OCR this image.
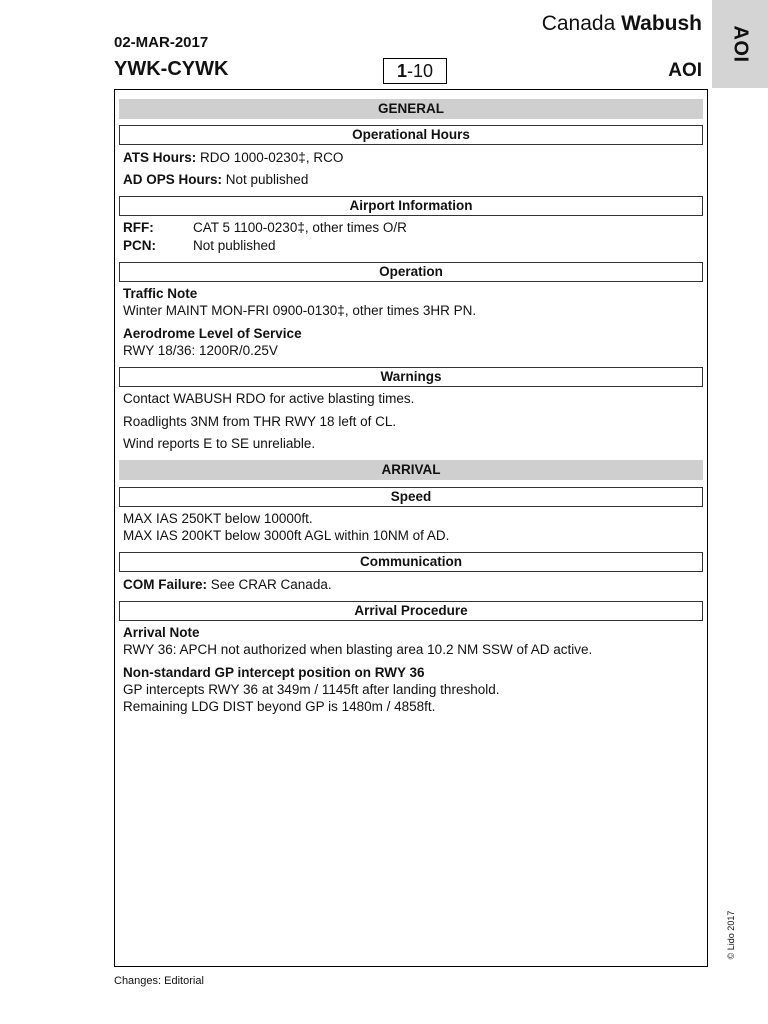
AOI
Canada Wabush
02-MAR-2017
YWK-CYWK	1-10	AOI
GENERAL
Operational Hours
ATS Hours: RDO 1000-0230‡, RCO
AD OPS Hours: Not published
Airport Information
RFF:	CAT 5 1100-0230‡, other times O/R
PCN:	Not published
Operation
Traffic Note
Winter MAINT MON-FRI 0900-0130‡, other times 3HR PN.
Aerodrome Level of Service
RWY 18/36: 1200R/0.25V
Warnings
Contact WABUSH RDO for active blasting times.
Roadlights 3NM from THR RWY 18 left of CL.
Wind reports E to SE unreliable.
ARRIVAL
Speed
MAX IAS 250KT below 10000ft.
MAX IAS 200KT below 3000ft AGL within 10NM of AD.
Communication
COM Failure: See CRAR Canada.
Arrival Procedure
Arrival Note
RWY 36: APCH not authorized when blasting area 10.2 NM SSW of AD active.
Non-standard GP intercept position on RWY 36
GP intercepts RWY 36 at 349m / 1145ft after landing threshold.
Remaining LDG DIST beyond GP is 1480m / 4858ft.
© Lido 2017
Changes: Editorial
